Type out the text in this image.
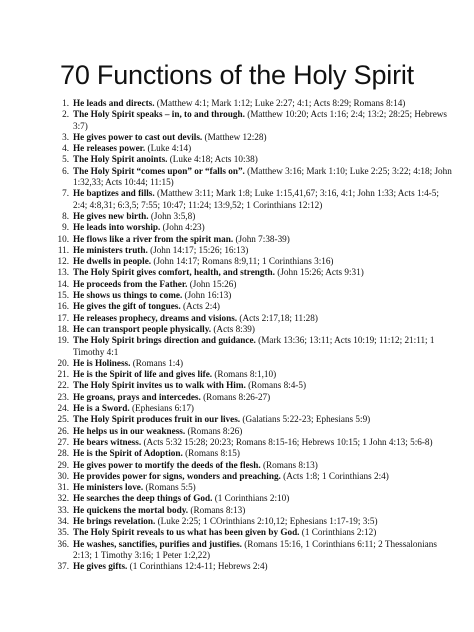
70 Functions of the Holy Spirit
1. He leads and directs. (Matthew 4:1; Mark 1:12; Luke 2:27; 4:1; Acts 8:29; Romans 8:14)
2. The Holy Spirit speaks – in, to and through. (Matthew 10:20; Acts 1:16; 2:4; 13:2; 28:25; Hebrews 3:7)
3. He gives power to cast out devils. (Matthew 12:28)
4. He releases power. (Luke 4:14)
5. The Holy Spirit anoints. (Luke 4:18; Acts 10:38)
6. The Holy Spirit “comes upon” or “falls on”. (Matthew 3:16; Mark 1:10; Luke 2:25; 3:22; 4:18; John 1:32,33; Acts 10:44; 11:15)
7. He baptizes and fills. (Matthew 3:11; Mark 1:8; Luke 1:15,41,67; 3:16, 4:1; John 1:33; Acts 1:4-5; 2:4; 4:8,31; 6:3,5; 7:55; 10:47; 11:24; 13:9,52; 1 Corinthians 12:12)
8. He gives new birth. (John 3:5,8)
9. He leads into worship. (John 4:23)
10. He flows like a river from the spirit man. (John 7:38-39)
11. He ministers truth. (John 14:17; 15:26; 16:13)
12. He dwells in people. (John 14:17; Romans 8:9,11; 1 Corinthians 3:16)
13. The Holy Spirit gives comfort, health, and strength. (John 15:26; Acts 9:31)
14. He proceeds from the Father. (John 15:26)
15. He shows us things to come. (John 16:13)
16. He gives the gift of tongues. (Acts 2:4)
17. He releases prophecy, dreams and visions. (Acts 2:17,18; 11:28)
18. He can transport people physically. (Acts 8:39)
19. The Holy Spirit brings direction and guidance. (Mark 13:36; 13:11; Acts 10:19; 11:12; 21:11; 1 Timothy 4:1
20. He is Holiness. (Romans 1:4)
21. He is the Spirit of life and gives life. (Romans 8:1,10)
22. The Holy Spirit invites us to walk with Him. (Romans 8:4-5)
23. He groans, prays and intercedes. (Romans 8:26-27)
24. He is a Sword. (Ephesians 6:17)
25. The Holy Spirit produces fruit in our lives. (Galatians 5:22-23; Ephesians 5:9)
26. He helps us in our weakness. (Romans 8:26)
27. He bears witness. (Acts 5:32 15:28; 20:23; Romans 8:15-16; Hebrews 10:15; 1 John 4:13; 5:6-8)
28. He is the Spirit of Adoption. (Romans 8:15)
29. He gives power to mortify the deeds of the flesh. (Romans 8:13)
30. He provides power for signs, wonders and preaching. (Acts 1:8; 1 Corinthians 2:4)
31. He ministers love. (Romans 5:5)
32. He searches the deep things of God. (1 Corinthians 2:10)
33. He quickens the mortal body. (Romans 8:13)
34. He brings revelation. (Luke 2:25; 1 COrinthians 2:10,12; Ephesians 1:17-19; 3:5)
35. The Holy Spirit reveals to us what has been given by God. (1 Corinthians 2:12)
36. He washes, sanctifies, purifies and justifies. (Romans 15:16, 1 Corinthians 6:11; 2 Thessalonians 2:13; 1 Timothy 3:16; 1 Peter 1:2,22)
37. He gives gifts. (1 Corinthians 12:4-11; Hebrews 2:4)
